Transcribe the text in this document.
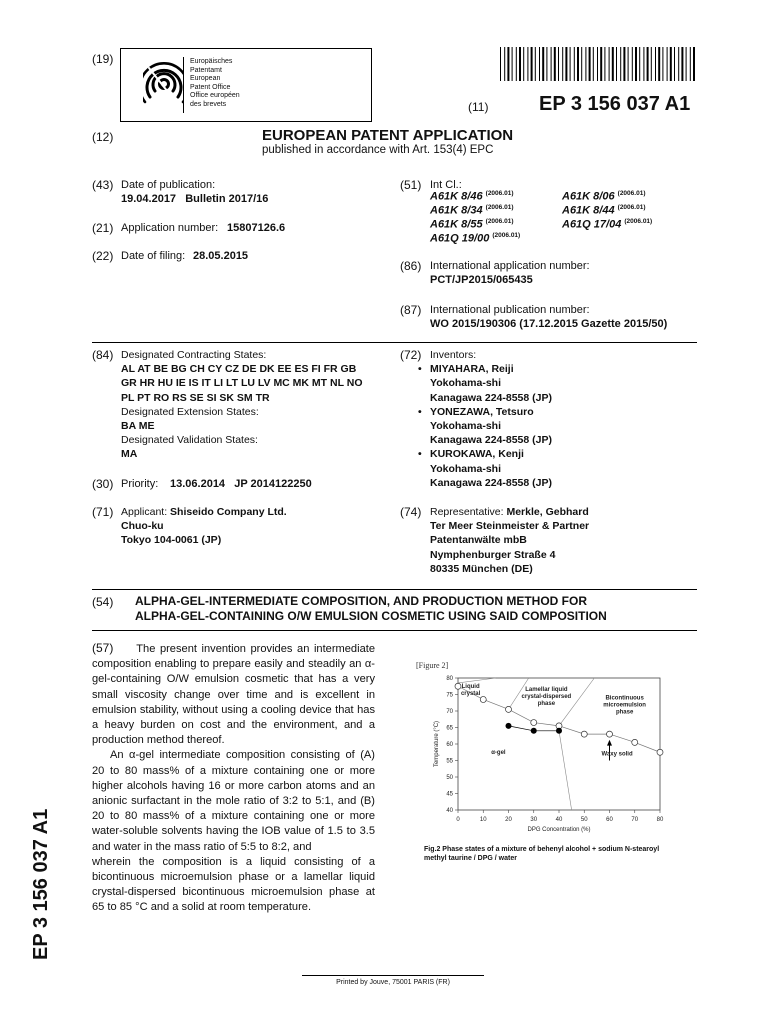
(19)	Europäisches
Patentamt
European
Patent Office
Office européen
des brevets	(11)	EP 3 156 037 A1
(12)	EUROPEAN PATENT APPLICATION
published in accordance with Art. 153(4) EPC
(43) Date of publication:
19.04.2017   Bulletin 2017/16
(21) Application number: 15807126.6
(22) Date of filing: 28.05.2015
(51) Int Cl.:
A61K 8/46 $^{(2006.01)}$	A61K 8/06 $^{(2006.01)}$
A61K 8/34 $^{(2006.01)}$	A61K 8/44 $^{(2006.01)}$
A61K 8/55 $^{(2006.01)}$	A61Q 17/04 $^{(2006.01)}$
A61Q 19/00 $^{(2006.01)}$
(86) International application number:
PCT/JP2015/065435
(87) International publication number:
WO 2015/190306 (17.12.2015 Gazette 2015/50)
(84) Designated Contracting States:
AL AT BE BG CH CY CZ DE DK EE ES FI FR GB
GR HR HU IE IS IT LI LT LU LV MC MK MT NL NO
PL PT RO RS SE SI SK SM TR
Designated Extension States:
BA ME
Designated Validation States:
MA
(30) Priority: 13.06.2014   JP 2014122250
(71) Applicant: Shiseido Company Ltd.
Chuo-ku
Tokyo 104-0061 (JP)
(72) Inventors:
• MIYAHARA, Reiji
Yokohama-shi
Kanagawa 224-8558 (JP)
• YONEZAWA, Tetsuro
Yokohama-shi
Kanagawa 224-8558 (JP)
• KUROKAWA, Kenji
Yokohama-shi
Kanagawa 224-8558 (JP)
(74) Representative: Merkle, Gebhard
Ter Meer Steinmeister & Partner
Patentanwälte mbB
Nymphenburger Straße 4
80335 München (DE)
(54) ALPHA-GEL-INTERMEDIATE COMPOSITION, AND PRODUCTION METHOD FOR
ALPHA-GEL-CONTAINING O/W EMULSION COSMETIC USING SAID COMPOSITION

(57) The present invention provides an intermediate composition enabling to prepare easily and steadily an α-gel-containing O/W emulsion cosmetic that has a very small viscosity change over time and is excellent in emulsion stability, without using a cooling device that has a heavy burden on cost and the environment, and a production method thereof.

An α-gel intermediate composition consisting of (A) 20 to 80 mass% of a mixture containing one or more higher alcohols having 16 or more carbon atoms and an anionic surfactant in the mole ratio of 3:2 to 5:1, and (B) 20 to 80 mass% of a mixture containing one or more water-soluble solvents having the IOB value of 1.5 to 3.5 and water in the mass ratio of 5:5 to 8:2, and

wherein the composition is a liquid consisting of a bicontinuous microemulsion phase or a lamellar liquid crystal-dispersed bicontinuous microemulsion phase at 65 to 85 °C and a solid at room temperature.

[Figure 2]
0	10	20	30	40	50	60	70	80
40
45
50
55
60
65
70
75
80
DPG Concentration (%)
Temperature (°C)
Liquid crystal
Lamellar liquid crystal-dispersed phase
Bicontinuous microemulsion phase
α-gel	Waxy solid
Fig.2 Phase states of a mixture of behenyl alcohol + sodium N-stearoyl
methyl taurine / DPG / water
EP 3 156 037 A1
Printed by Jouve, 75001 PARIS (FR)
